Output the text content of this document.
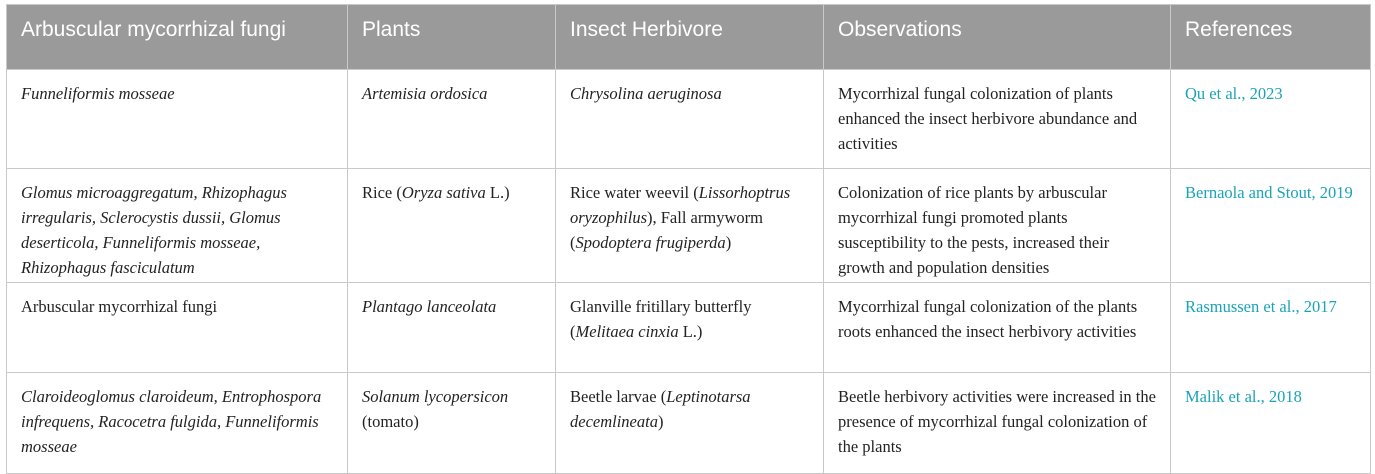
Arbuscular mycorrhizal fungi	Plants	Insect Herbivore	Observations	References
Funneliformis mosseae	Artemisia ordosica	Chrysolina aeruginosa	Mycorrhizal fungal colonization of plants enhanced the insect herbivore abundance and activities	Qu et al., 2023
Glomus microaggregatum, Rhizophagus irregularis, Sclerocystis dussii, Glomus deserticola, Funneliformis mosseae, Rhizophagus fasciculatum	Rice (Oryza sativa L.)	Rice water weevil (Lissorhoptrus oryzophilus), Fall armyworm (Spodoptera frugiperda)	Colonization of rice plants by arbuscular mycorrhizal fungi promoted plants susceptibility to the pests, increased their growth and population densities	Bernaola and Stout, 2019
Arbuscular mycorrhizal fungi	Plantago lanceolata	Glanville fritillary butterfly (Melitaea cinxia L.)	Mycorrhizal fungal colonization of the plants roots enhanced the insect herbivory activities	Rasmussen et al., 2017
Claroideoglomus claroideum, Entrophospora infrequens, Racocetra fulgida, Funneliformis mosseae	Solanum lycopersicon (tomato)	Beetle larvae (Leptinotarsa decemlineata)	Beetle herbivory activities were increased in the presence of mycorrhizal fungal colonization of the plants	Malik et al., 2018
